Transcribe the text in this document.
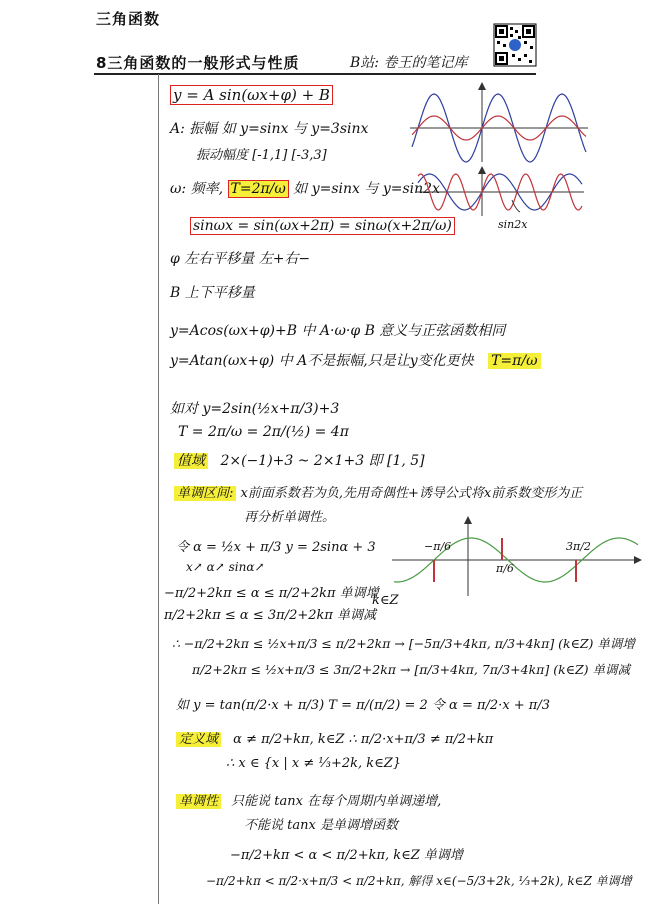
三角函数
8三角函数的一般形式与性质	B站: 卷王的笔记库
y = A sin(ωx+φ) + B
A: 振幅 如 y=sinx 与 y=3sinx
振动幅度 [-1,1] [-3,3]
ω: 频率, T=2π/ω 如 y=sinx 与 y=sin2x
sinωx = sin(ωx+2π) = sinω(x+2π/ω)
φ 左右平移量 左+右−
B 上下平移量
y=Acos(ωx+φ)+B 中 A·ω·φ B 意义与正弦函数相同
y=Atan(ωx+φ) 中 A不是振幅,只是让y变化更快 T=π/ω
如对 y=2sin(½x+π/3)+3
T = 2π/ω = 2π/(½) = 4π
值域 2×(−1)+3 ~ 2×1+3 即 [1, 5]
单调区间: x前面系数若为负,先用奇偶性+诱导公式将x前系数变形为正
再分析单调性。
令 α = ½x + π/3 y = 2sinα + 3
x↗ α↗ sinα↗
−π/2+2kπ ≤ α ≤ π/2+2kπ 单调增
π/2+2kπ ≤ α ≤ 3π/2+2kπ 单调减
k∈Z
∴ −π/2+2kπ ≤ ½x+π/3 ≤ π/2+2kπ → [−5π/3+4kπ, π/3+4kπ] (k∈Z) 单调增
π/2+2kπ ≤ ½x+π/3 ≤ 3π/2+2kπ → [π/3+4kπ, 7π/3+4kπ] (k∈Z) 单调减
如 y = tan(π/2·x + π/3) T = π/(π/2) = 2 令 α = π/2·x + π/3
定义域 α ≠ π/2+kπ, k∈Z ∴ π/2·x+π/3 ≠ π/2+kπ
∴ x ∈ {x | x ≠ ⅓+2k, k∈Z}
单调性 只能说 tanx 在每个周期内单调递增,
不能说 tanx 是单调增函数
−π/2+kπ < α < π/2+kπ, k∈Z 单调增
−π/2+kπ < π/2·x+π/3 < π/2+kπ, 解得 x∈(−5/3+2k, ⅓+2k), k∈Z 单调增
sin2x
−π/6
π/6
3π/2
